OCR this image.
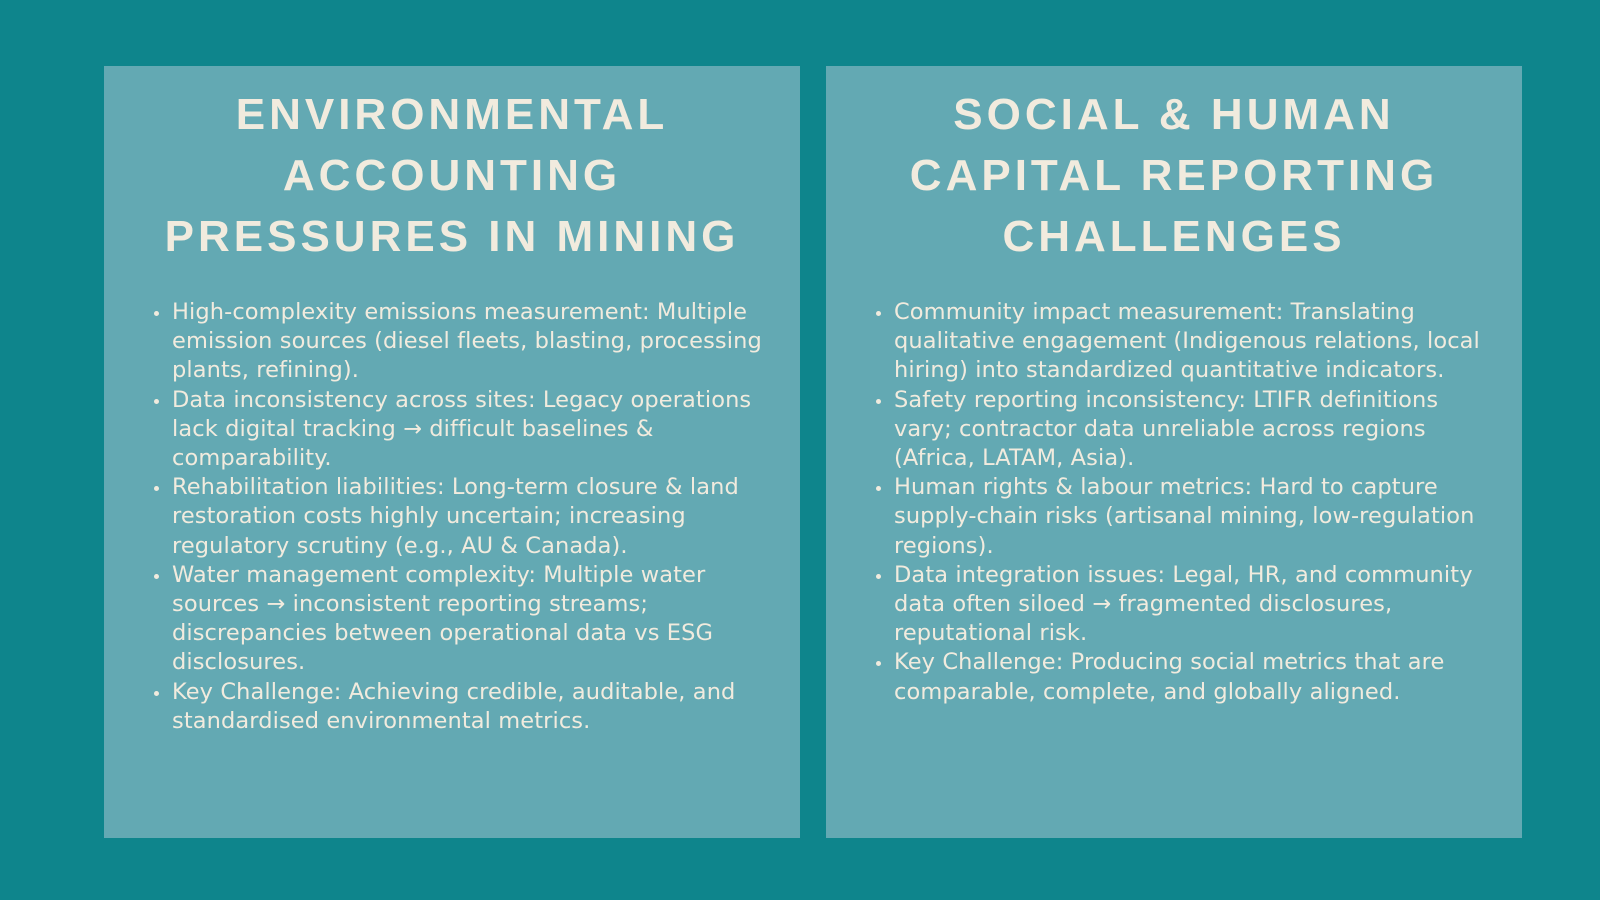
ENVIRONMENTAL
ACCOUNTING
PRESSURES IN MINING
High-complexity emissions measurement: Multiple emission sources (diesel fleets, blasting, processing plants, refining).
Data inconsistency across sites: Legacy operations lack digital tracking → difficult baselines & comparability.
Rehabilitation liabilities: Long-term closure & land restoration costs highly uncertain; increasing regulatory scrutiny (e.g., AU & Canada).
Water management complexity: Multiple water sources → inconsistent reporting streams; discrepancies between operational data vs ESG disclosures.
Key Challenge: Achieving credible, auditable, and standardised environmental metrics.
SOCIAL & HUMAN
CAPITAL REPORTING
CHALLENGES
Community impact measurement: Translating qualitative engagement (Indigenous relations, local hiring) into standardized quantitative indicators.
Safety reporting inconsistency: LTIFR definitions vary; contractor data unreliable across regions (Africa, LATAM, Asia).
Human rights & labour metrics: Hard to capture supply-chain risks (artisanal mining, low-regulation regions).
Data integration issues: Legal, HR, and community data often siloed → fragmented disclosures, reputational risk.
Key Challenge: Producing social metrics that are comparable, complete, and globally aligned.
